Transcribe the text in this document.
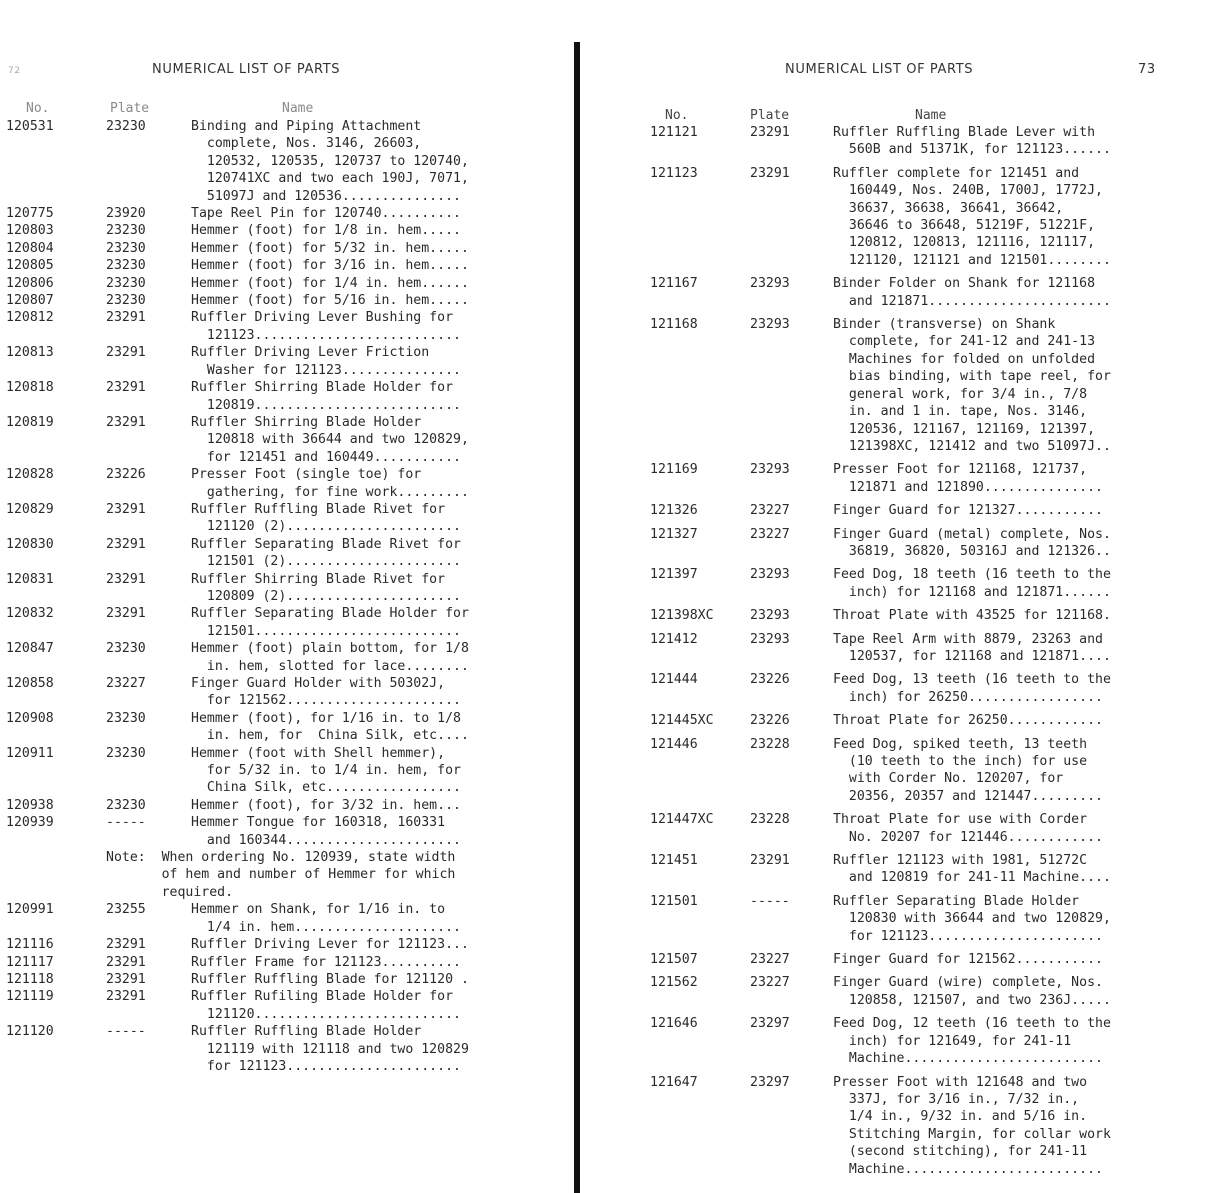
72	NUMERICAL LIST OF PARTS
No.	Plate	Name
120531	23230	Binding and Piping Attachment
complete, Nos. 3146, 26603,
120532, 120535, 120737 to 120740,
120741XC and two each 190J, 7071,
51097J and 120536...............
120775	23920	Tape Reel Pin for 120740..........
120803	23230	Hemmer (foot) for 1/8 in. hem.....
120804	23230	Hemmer (foot) for 5/32 in. hem.....
120805	23230	Hemmer (foot) for 3/16 in. hem.....
120806	23230	Hemmer (foot) for 1/4 in. hem......
120807	23230	Hemmer (foot) for 5/16 in. hem.....
120812	23291	Ruffler Driving Lever Bushing for
121123..........................
120813	23291	Ruffler Driving Lever Friction
Washer for 121123...............
120818	23291	Ruffler Shirring Blade Holder for
120819..........................
120819	23291	Ruffler Shirring Blade Holder
120818 with 36644 and two 120829,
for 121451 and 160449...........
120828	23226	Presser Foot (single toe) for
gathering, for fine work.........
120829	23291	Ruffler Ruffling Blade Rivet for
121120 (2)......................
120830	23291	Ruffler Separating Blade Rivet for
121501 (2)......................
120831	23291	Ruffler Shirring Blade Rivet for
120809 (2)......................
120832	23291	Ruffler Separating Blade Holder for
121501..........................
120847	23230	Hemmer (foot) plain bottom, for 1/8
in. hem, slotted for lace........
120858	23227	Finger Guard Holder with 50302J,
for 121562......................
120908	23230	Hemmer (foot), for 1/16 in. to 1/8
in. hem, for  China Silk, etc....
120911	23230	Hemmer (foot with Shell hemmer),
for 5/32 in. to 1/4 in. hem, for
China Silk, etc.................
120938	23230	Hemmer (foot), for 3/32 in. hem...
120939	-----	Hemmer Tongue for 160318, 160331
and 160344......................
Note:  When ordering No. 120939, state width
of hem and number of Hemmer for which
required.
120991	23255	Hemmer on Shank, for 1/16 in. to
1/4 in. hem.....................
121116	23291	Ruffler Driving Lever for 121123...
121117	23291	Ruffler Frame for 121123..........
121118	23291	Ruffler Ruffling Blade for 121120 .
121119	23291	Ruffler Rufiling Blade Holder for
121120..........................
121120	-----	Ruffler Ruffling Blade Holder
121119 with 121118 and two 120829
for 121123......................
NUMERICAL LIST OF PARTS	73
No.	Plate	Name
121121	23291	Ruffler Ruffling Blade Lever with
560B and 51371K, for 121123......
121123	23291	Ruffler complete for 121451 and
160449, Nos. 240B, 1700J, 1772J,
36637, 36638, 36641, 36642,
36646 to 36648, 51219F, 51221F,
120812, 120813, 121116, 121117,
121120, 121121 and 121501........
121167	23293	Binder Folder on Shank for 121168
and 121871.......................
121168	23293	Binder (transverse) on Shank
complete, for 241-12 and 241-13
Machines for folded on unfolded
bias binding, with tape reel, for
general work, for 3/4 in., 7/8
in. and 1 in. tape, Nos. 3146,
120536, 121167, 121169, 121397,
121398XC, 121412 and two 51097J..
121169	23293	Presser Foot for 121168, 121737,
121871 and 121890...............
121326	23227	Finger Guard for 121327...........
121327	23227	Finger Guard (metal) complete, Nos.
36819, 36820, 50316J and 121326..
121397	23293	Feed Dog, 18 teeth (16 teeth to the
inch) for 121168 and 121871......
121398XC	23293	Throat Plate with 43525 for 121168.
121412	23293	Tape Reel Arm with 8879, 23263 and
120537, for 121168 and 121871....
121444	23226	Feed Dog, 13 teeth (16 teeth to the
inch) for 26250.................
121445XC	23226	Throat Plate for 26250............
121446	23228	Feed Dog, spiked teeth, 13 teeth
(10 teeth to the inch) for use
with Corder No. 120207, for
20356, 20357 and 121447.........
121447XC	23228	Throat Plate for use with Corder
No. 20207 for 121446............
121451	23291	Ruffler 121123 with 1981, 51272C
and 120819 for 241-11 Machine....
121501	-----	Ruffler Separating Blade Holder
120830 with 36644 and two 120829,
for 121123......................
121507	23227	Finger Guard for 121562...........
121562	23227	Finger Guard (wire) complete, Nos.
120858, 121507, and two 236J.....
121646	23297	Feed Dog, 12 teeth (16 teeth to the
inch) for 121649, for 241-11
Machine.........................
121647	23297	Presser Foot with 121648 and two
337J, for 3/16 in., 7/32 in.,
1/4 in., 9/32 in. and 5/16 in.
Stitching Margin, for collar work
(second stitching), for 241-11
Machine.........................
